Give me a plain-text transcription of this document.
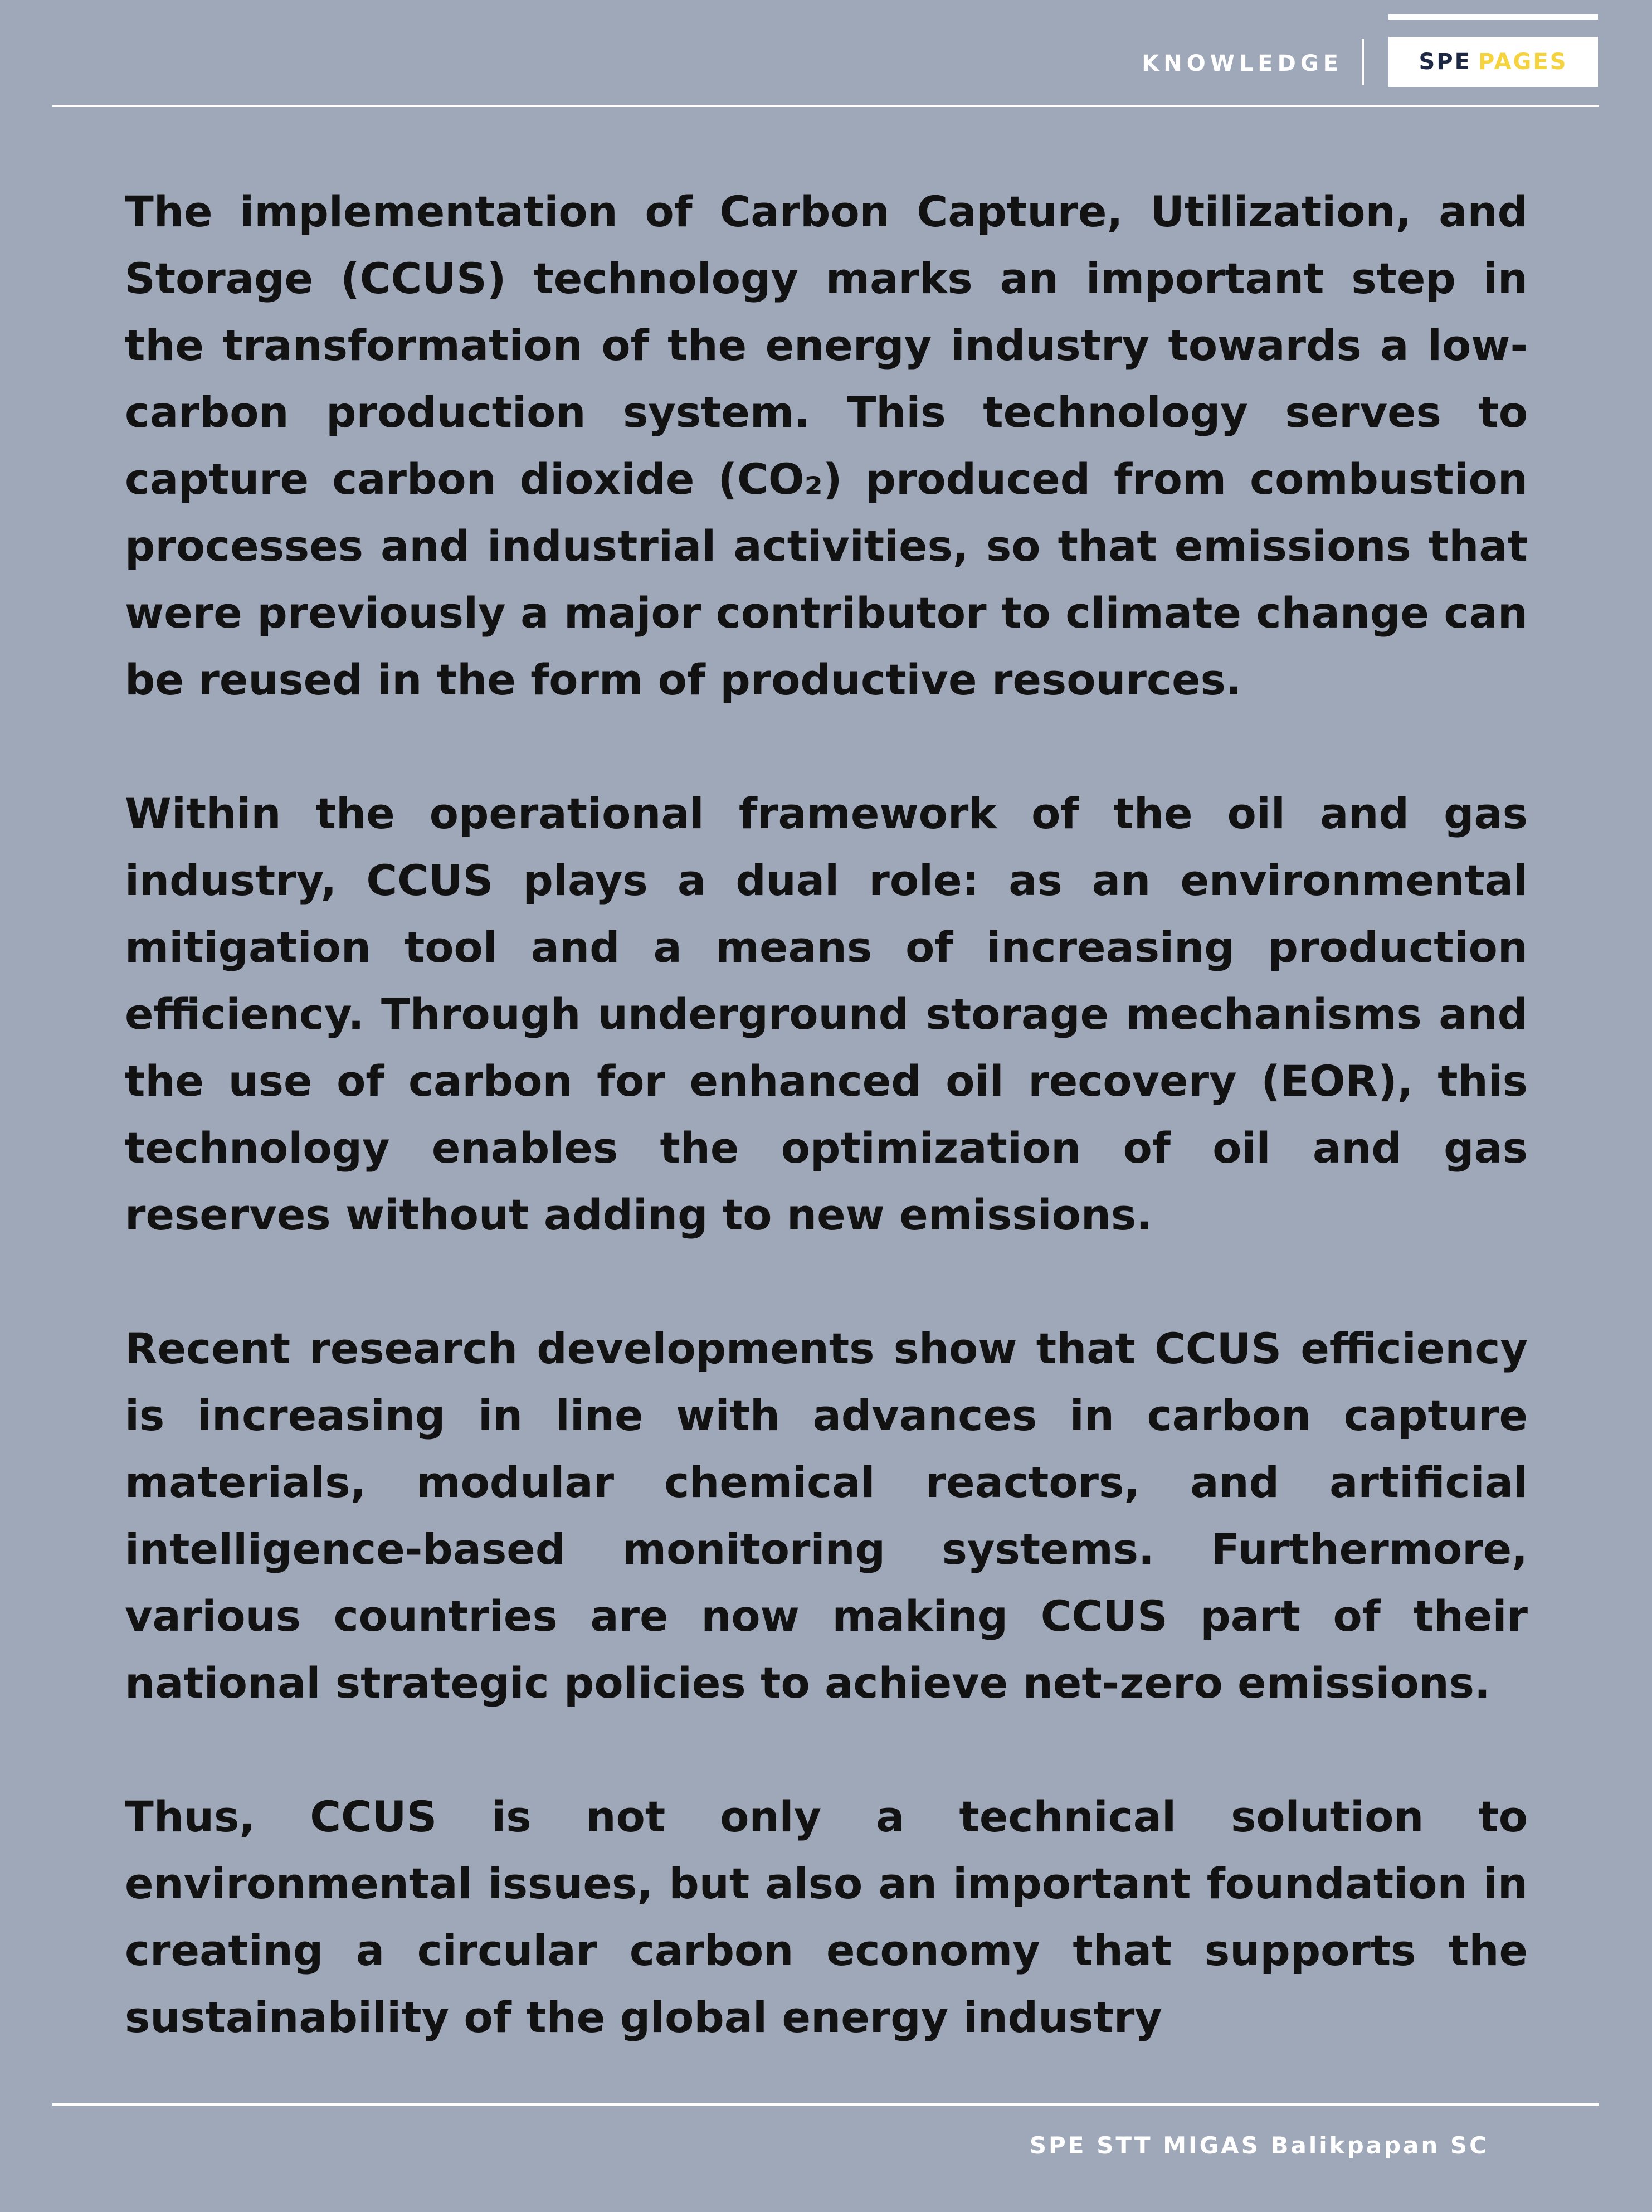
KNOWLEDGE	SPE PAGES

The implementation of Carbon Capture, Utilization, and Storage (CCUS) technology marks an important step in the transformation of the energy industry towards a low-carbon production system. This technology serves to capture carbon dioxide (CO₂) produced from combustion processes and industrial activities, so that emissions that were previously a major contributor to climate change can be reused in the form of productive resources.

Within the operational framework of the oil and gas industry, CCUS plays a dual role: as an environmental mitigation tool and a means of increasing production efficiency. Through underground storage mechanisms and the use of carbon for enhanced oil recovery (EOR), this technology enables the optimization of oil and gas reserves without adding to new emissions.

Recent research developments show that CCUS efficiency is increasing in line with advances in carbon capture materials, modular chemical reactors, and artificial intelligence-based monitoring systems. Furthermore, various countries are now making CCUS part of their national strategic policies to achieve net-zero emissions.

Thus, CCUS is not only a technical solution to environmental issues, but also an important foundation in creating a circular carbon economy that supports the sustainability of the global energy industry

SPE STT MIGAS Balikpapan SC
